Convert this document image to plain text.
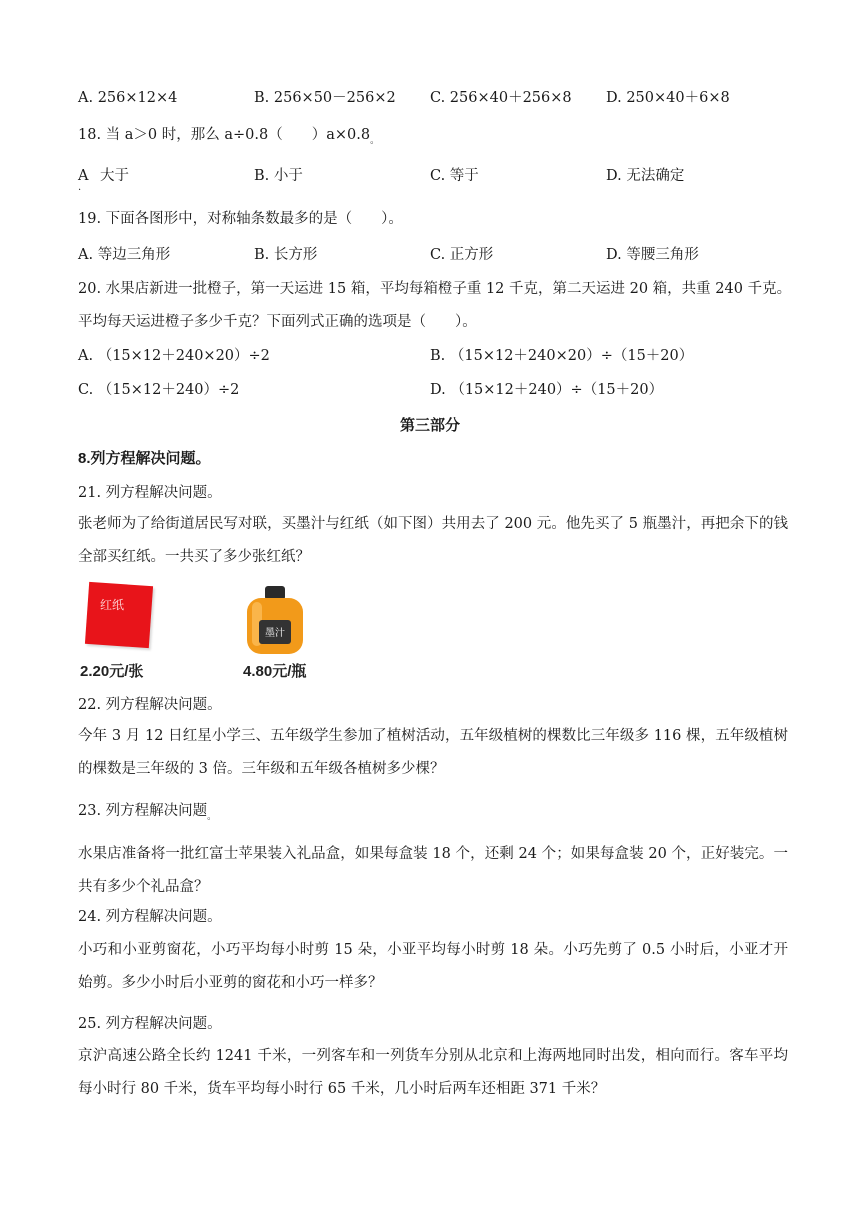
A. 256×12×4	B. 256×50－256×2 C. 256×40＋256×8 D. 250×40＋6×8
18. 当 a＞0 时，那么 a÷0.8（　　）$a\times 0.8_。$
A
.
大于	B. 小于	C. 等于	D. 无法确定
19. 下面各图形中，对称轴条数最多的是（　　）。
A. 等边三角形	B. 长方形	C. 正方形	D. 等腰三角形
20. 水果店新进一批橙子，第一天运进 15 箱，平均每箱橙子重 12 千克，第二天运进 20 箱，共重 240 千克。
平均每天运进橙子多少千克？下面列式正确的选项是（　　）。
A. （15×12＋240×20）÷2	B. （15×12＋240×20）÷（15＋20）
C. （15×12＋240）÷2	D. （15×12＋240）÷（15＋20）
第三部分
8.列方程解决问题。
21. 列方程解决问题。
张老师为了给街道居民写对联，买墨汁与红纸（如下图）共用去了 200 元。他先买了 5 瓶墨汁，再把余下的钱全部买红纸。一共买了多少张红纸？
红纸
2.20元/张
墨汁
4.80元/瓶
22. 列方程解决问题。
今年 3 月 12 日红星小学三、五年级学生参加了植树活动，五年级植树的棵数比三年级多 116 棵，五年级植树的棵数是三年级的 3 倍。三年级和五年级各植树多少棵？
23. 列方程解决问题$_。$
水果店准备将一批红富士苹果装入礼品盒，如果每盒装 18 个，还剩 24 个；如果每盒装 20 个，正好装完。一共有多少个礼品盒？
24. 列方程解决问题。
小巧和小亚剪窗花，小巧平均每小时剪 15 朵，小亚平均每小时剪 18 朵。小巧先剪了 0.5 小时后，小亚才开始剪。多少小时后小亚剪的窗花和小巧一样多？
25. 列方程解决问题。
京沪高速公路全长约 1241 千米，一列客车和一列货车分别从北京和上海两地同时出发，相向而行。客车平均每小时行 80 千米，货车平均每小时行 65 千米，几小时后两车还相距 371 千米？
